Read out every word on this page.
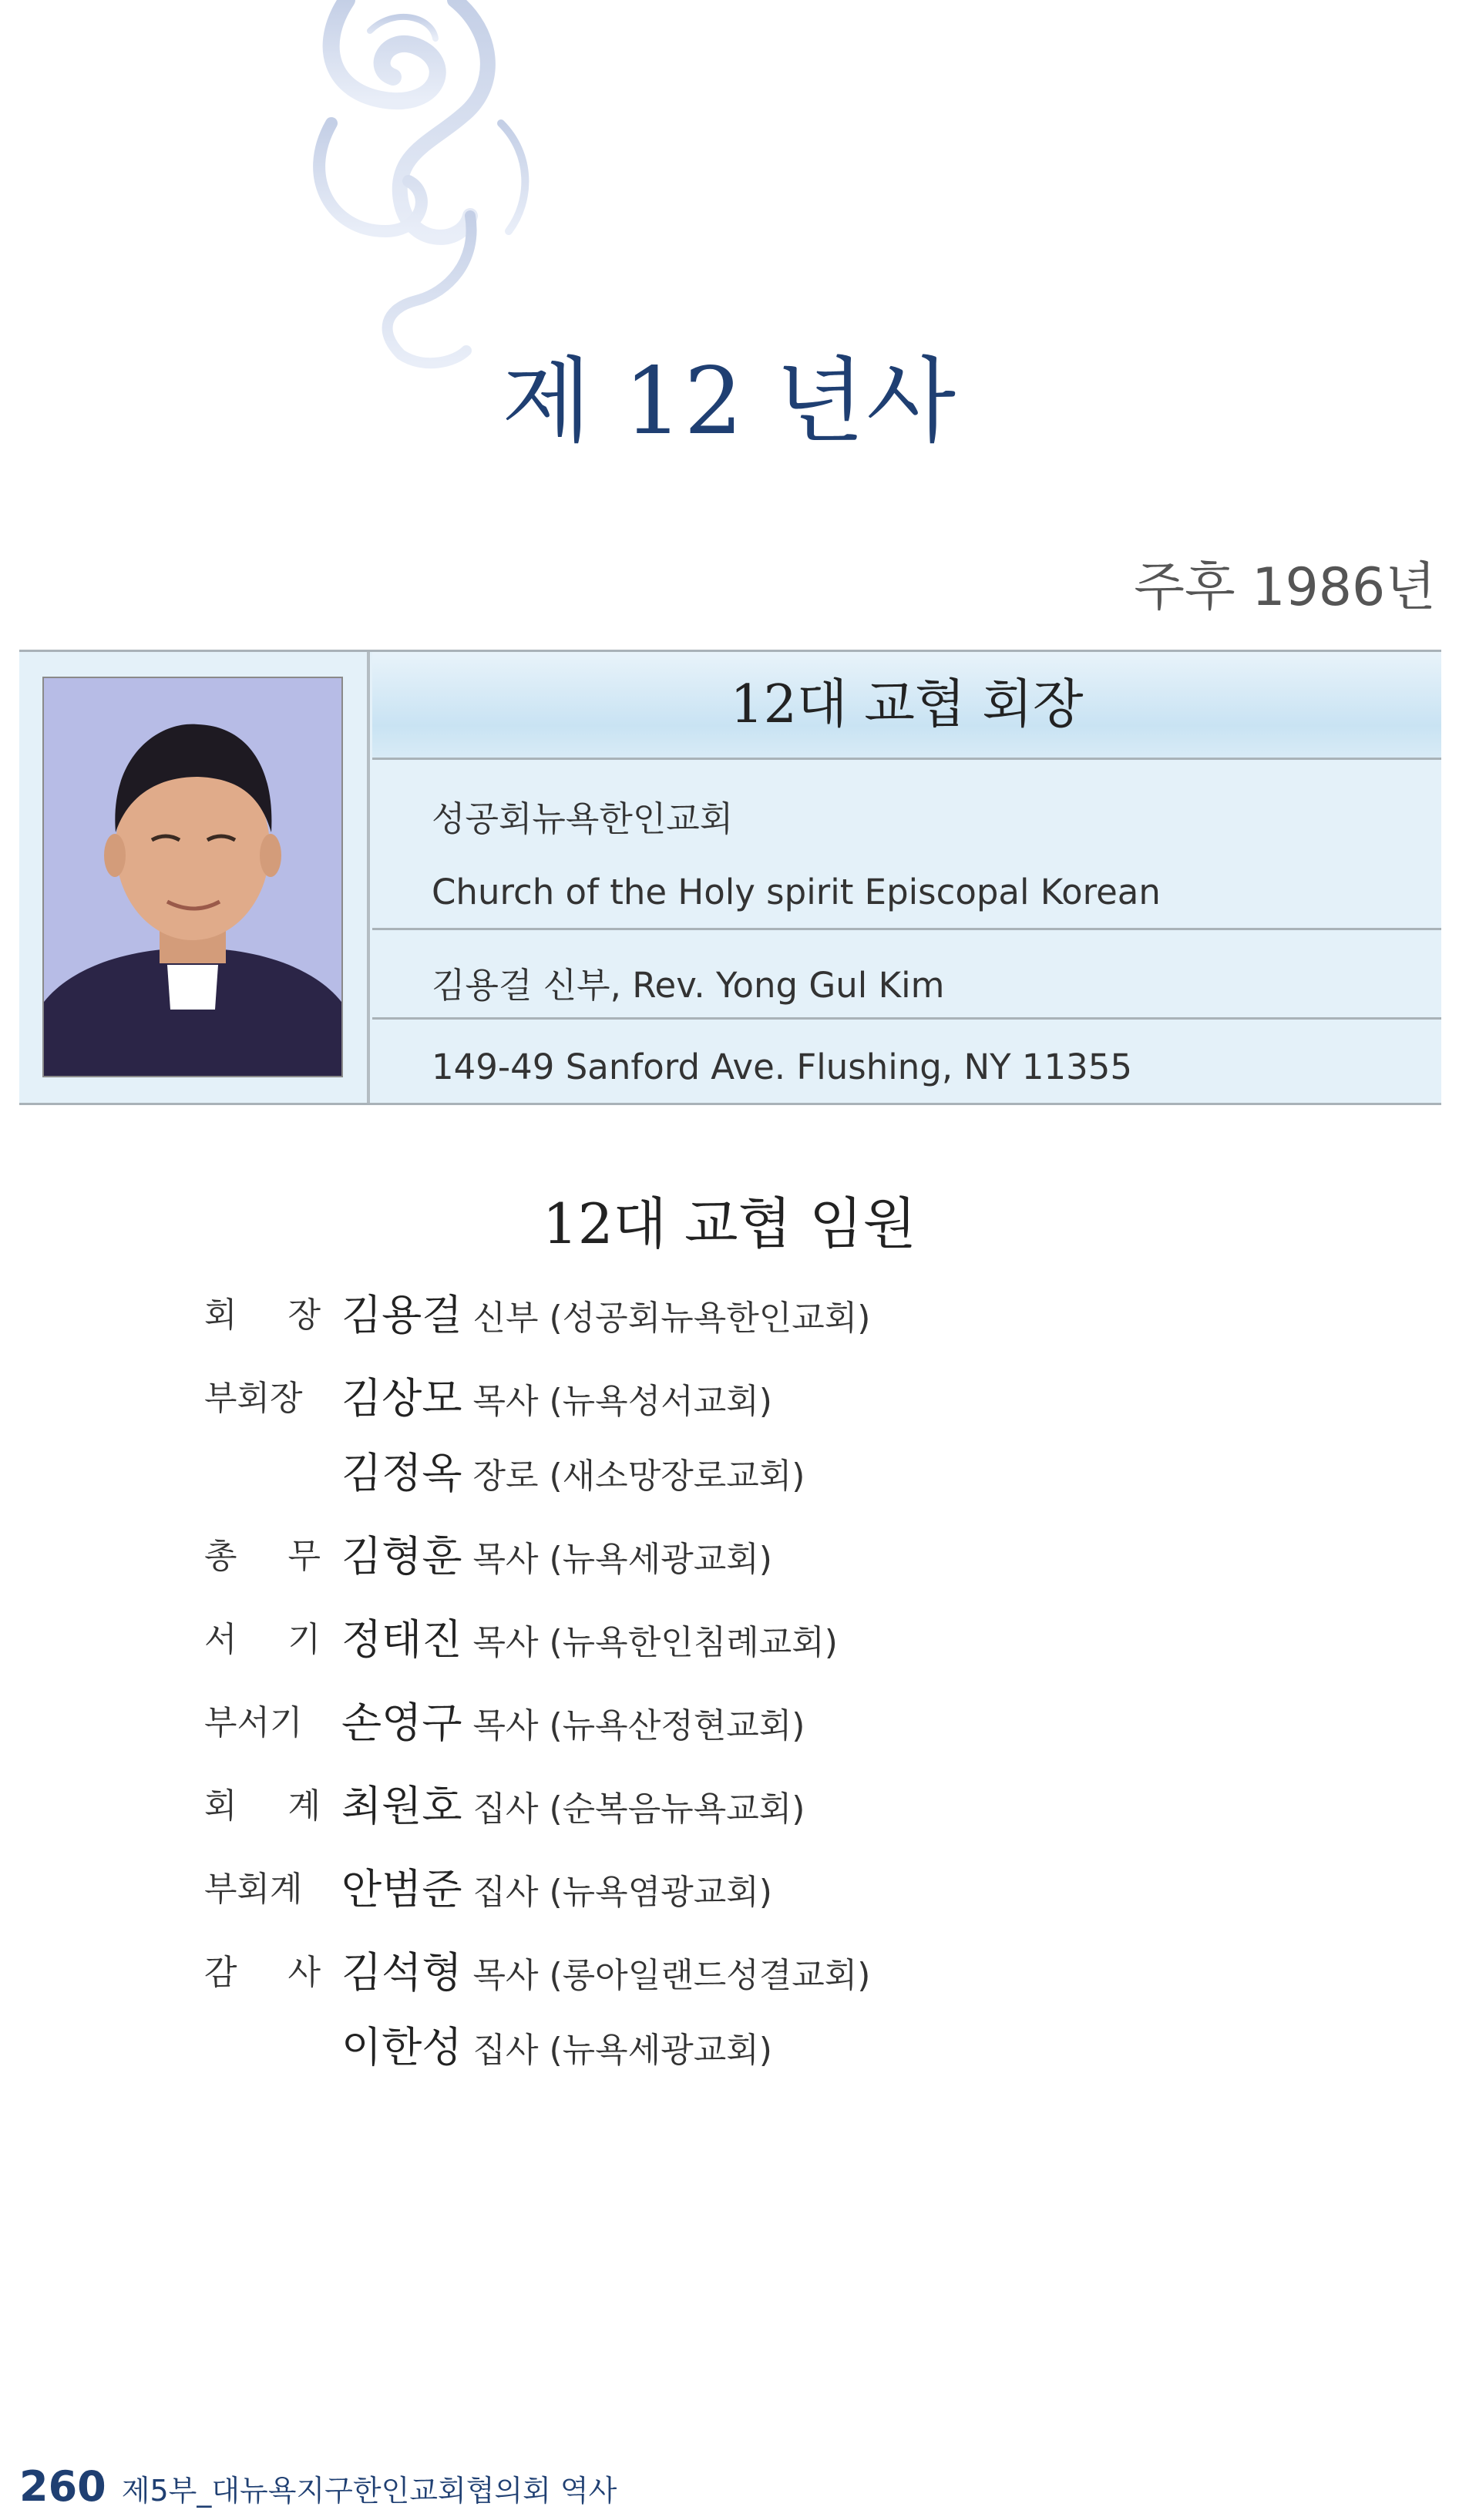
제 12 년사
주후 1986년
12대 교협 회장
성공회뉴욕한인교회
Church of the Holy spirit Episcopal Korean
김용걸 신부, Rev. Yong Gul Kim
149-49 Sanford Ave. Flushing, NY 11355
12대 교협 임원
회 장 김용걸 신부 (성공회뉴욕한인교회)
부회장 김상모 목사 (뉴욕성서교회)
김정옥 장로 (새소망장로교회)
총 무 김형훈 목사 (뉴욕세광교회)
서 기 정태진 목사 (뉴욕한인침례교회)
부서기 손영구 목사 (뉴욕산정현교회)
회 계 최원호 집사 (순복음뉴욕교회)
부회계 안범준 집사 (뉴욕염광교회)
감 사 김석형 목사 (롱아일랜드성결교회)
이한성 집사 (뉴욕세광교회)
260 제5부_대뉴욕지구한인교회협의회 역사
